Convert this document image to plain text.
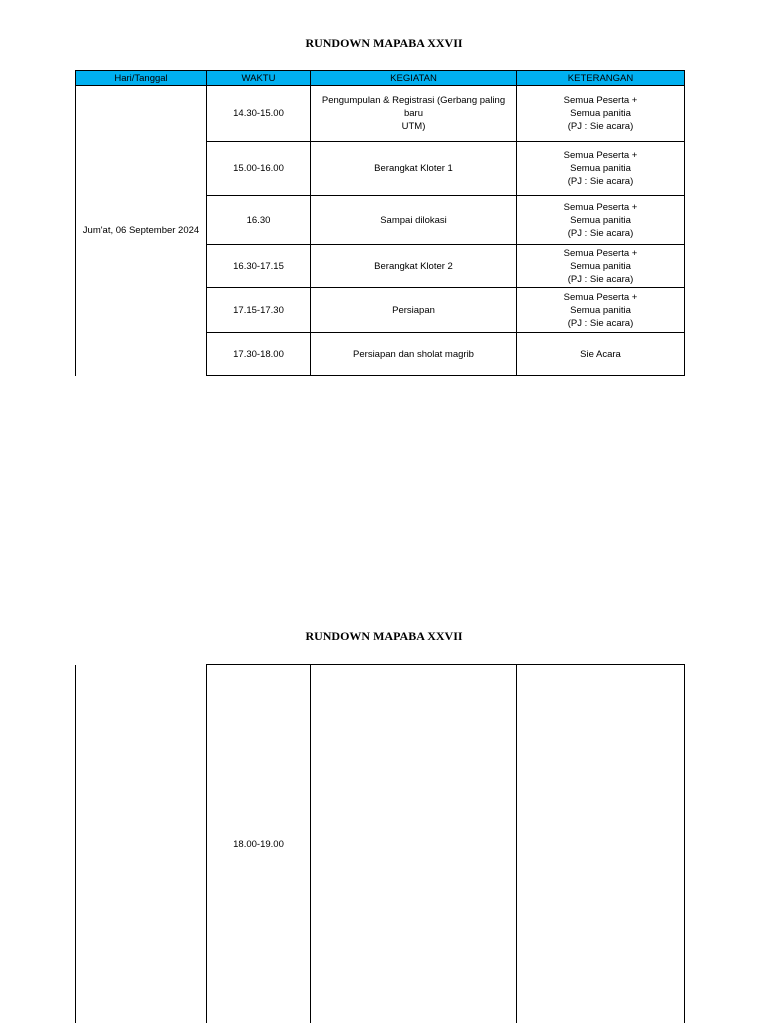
RUNDOWN MAPABA XXVII
Hari/Tanggal	WAKTU	KEGIATAN	KETERANGAN
Jum'at, 06 September 2024	14.30-15.00	Pengumpulan & Registrasi (Gerbang paling
baru
UTM)	Semua Peserta +
Semua panitia
(PJ : Sie acara)
	15.00-16.00	Berangkat Kloter 1	Semua Peserta +
Semua panitia
(PJ : Sie acara)
	16.30	Sampai dilokasi	Semua Peserta +
Semua panitia
(PJ : Sie acara)
	16.30-17.15	Berangkat Kloter 2	Semua Peserta +
Semua panitia
(PJ : Sie acara)
	17.15-17.30	Persiapan	Semua Peserta +
Semua panitia
(PJ : Sie acara)
	17.30-18.00	Persiapan dan sholat magrib	Sie Acara
RUNDOWN MAPABA XXVII
	18.00-19.00		
